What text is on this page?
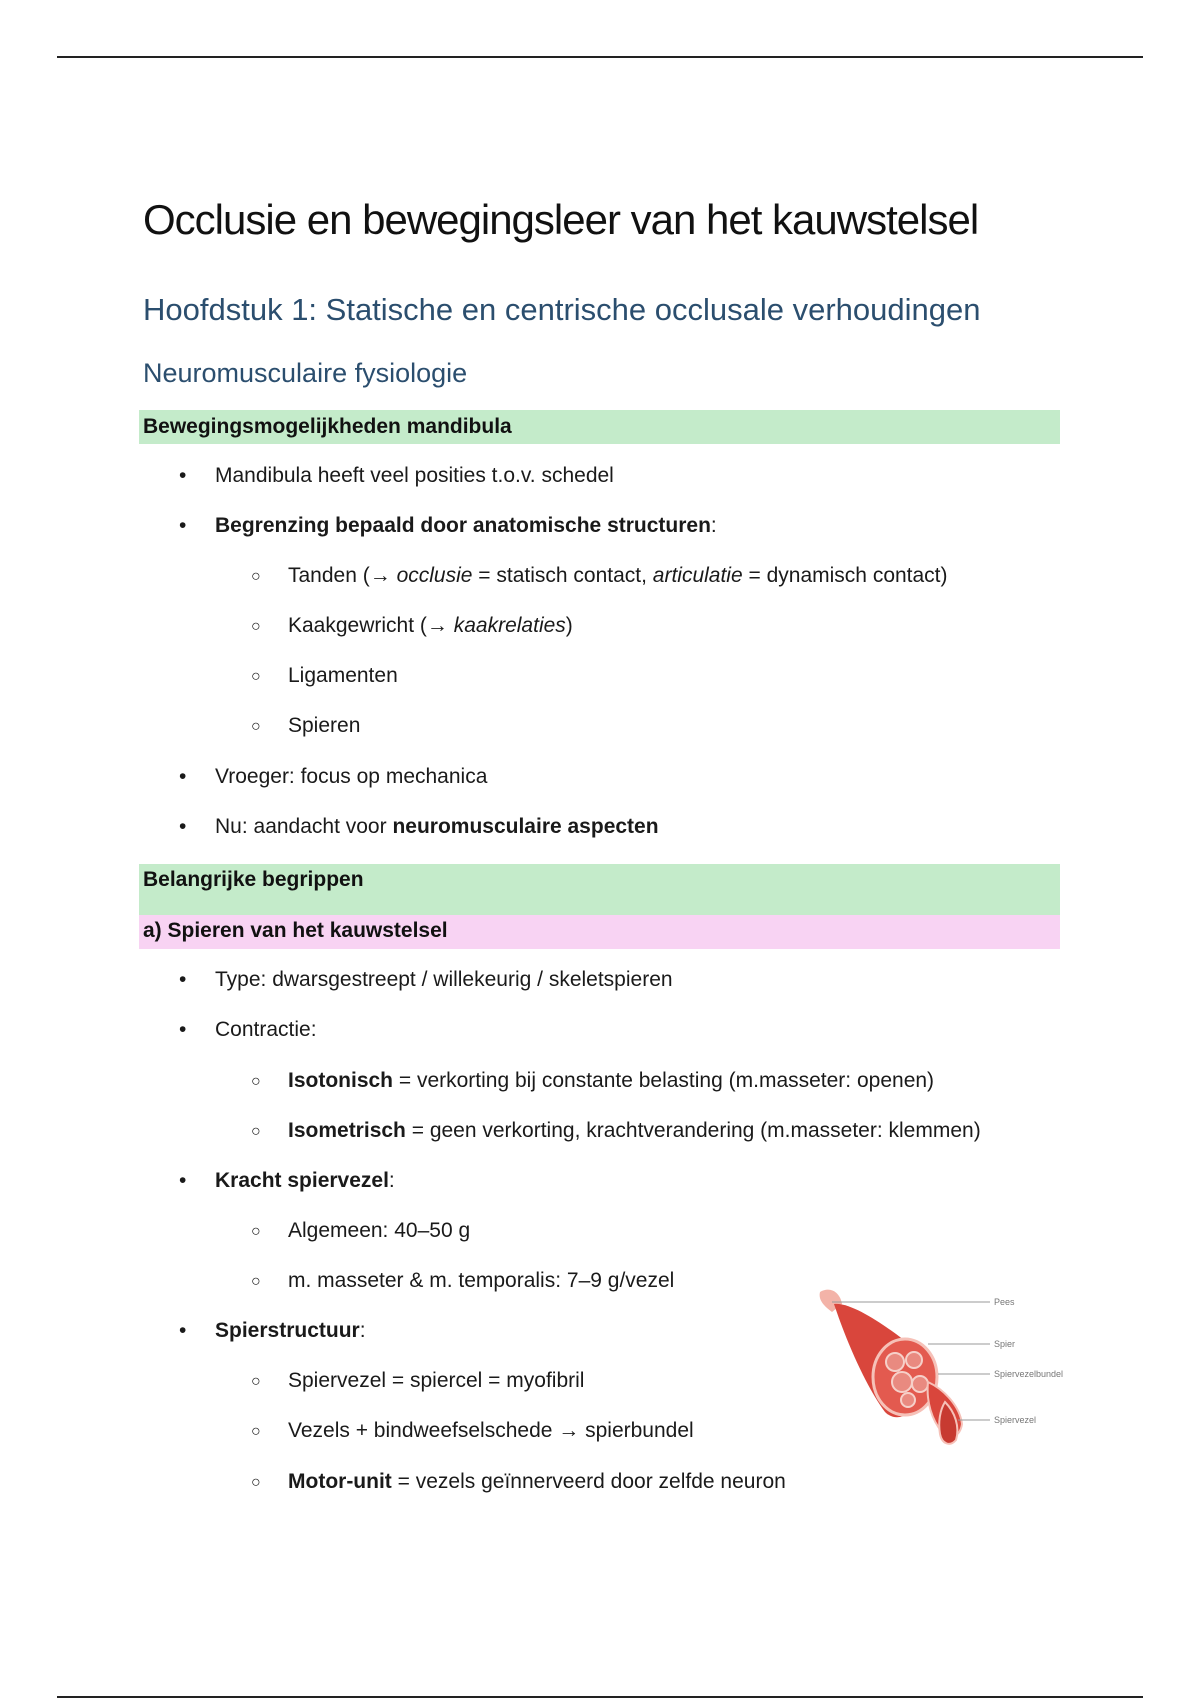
Occlusie en bewegingsleer van het kauwstelsel
Hoofdstuk 1: Statische en centrische occlusale verhoudingen
Neuromusculaire fysiologie
Bewegingsmogelijkheden mandibula
• Mandibula heeft veel posities t.o.v. schedel
• Begrenzing bepaald door anatomische structuren:
○ Tanden (→ occlusie = statisch contact, articulatie = dynamisch contact)
○ Kaakgewricht (→ kaakrelaties)
○ Ligamenten
○ Spieren
• Vroeger: focus op mechanica
• Nu: aandacht voor neuromusculaire aspecten
Belangrijke begrippen
a) Spieren van het kauwstelsel
• Type: dwarsgestreept / willekeurig / skeletspieren
• Contractie:
○ Isotonisch = verkorting bij constante belasting (m.masseter: openen)
○ Isometrisch = geen verkorting, krachtverandering (m.masseter: klemmen)
• Kracht spiervezel:
○ Algemeen: 40–50 g
○ m. masseter & m. temporalis: 7–9 g/vezel
• Spierstructuur:
○ Spiervezel = spiercel = myofibril
○ Vezels + bindweefselschede → spierbundel
○ Motor-unit = vezels geïnnerveerd door zelfde neuron
Pees
Spier
Spiervezelbundel
Spiervezel
